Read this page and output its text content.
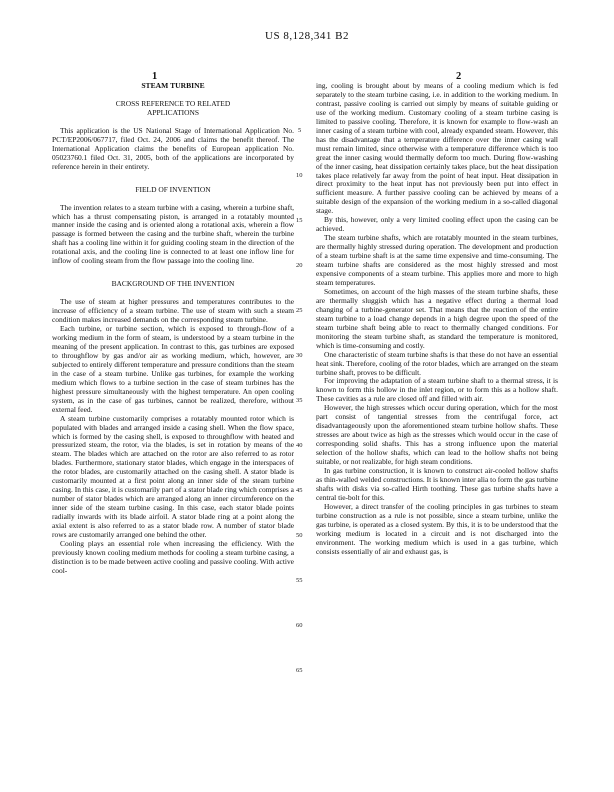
US 8,128,341 B2
1	2

STEAM TURBINE

CROSS REFERENCE TO RELATED APPLICATIONS

This application is the US National Stage of International Application No. PCT/EP2006/067717, filed Oct. 24, 2006 and claims the benefit thereof. The International Application claims the benefits of European application No. 05023760.1 filed Oct. 31, 2005, both of the applications are incorporated by reference herein in their entirety.

FIELD OF INVENTION

The invention relates to a steam turbine with a casing, wherein a turbine shaft, which has a thrust compensating piston, is arranged in a rotatably mounted manner inside the casing and is oriented along a rotational axis, wherein a flow passage is formed between the casing and the turbine shaft, wherein the turbine shaft has a cooling line within it for guiding cooling steam in the direction of the rotational axis, and the cooling line is connected to at least one inflow line for inflow of cooling steam from the flow passage into the cooling line.

BACKGROUND OF THE INVENTION

The use of steam at higher pressures and temperatures contributes to the increase of efficiency of a steam turbine. The use of steam with such a steam condition makes increased demands on the corresponding steam turbine.

Each turbine, or turbine section, which is exposed to through-flow of a working medium in the form of steam, is understood by a steam turbine in the meaning of the present application. In contrast to this, gas turbines are exposed to throughflow by gas and/or air as working medium, which, however, are subjected to entirely different temperature and pressure conditions than the steam in the case of a steam turbine. Unlike gas turbines, for example the working medium which flows to a turbine section in the case of steam turbines has the highest pressure simultaneously with the highest temperature. An open cooling system, as in the case of gas turbines, cannot be realized, therefore, without external feed.

A steam turbine customarily comprises a rotatably mounted rotor which is populated with blades and arranged inside a casing shell. When the flow space, which is formed by the casing shell, is exposed to throughflow with heated and pressurized steam, the rotor, via the blades, is set in rotation by means of the steam. The blades which are attached on the rotor are also referred to as rotor blades. Furthermore, stationary stator blades, which engage in the interspaces of the rotor blades, are customarily attached on the casing shell. A stator blade is customarily mounted at a first point along an inner side of the steam turbine casing. In this case, it is customarily part of a stator blade ring which comprises a number of stator blades which are arranged along an inner circumference on the inner side of the steam turbine casing. In this case, each stator blade points radially inwards with its blade airfoil. A stator blade ring at a point along the axial extent is also referred to as a stator blade row. A number of stator blade rows are customarily arranged one behind the other.

Cooling plays an essential role when increasing the efficiency. With the previously known cooling medium methods for cooling a steam turbine casing, a distinction is to be made between active cooling and passive cooling. With active cool-

ing, cooling is brought about by means of a cooling medium which is fed separately to the steam turbine casing, i.e. in addition to the working medium. In contrast, passive cooling is carried out simply by means of suitable guiding or use of the working medium. Customary cooling of a steam turbine casing is limited to passive cooling. Therefore, it is known for example to flow-wash an inner casing of a steam turbine with cool, already expanded steam. However, this has the disadvantage that a temperature difference over the inner casing wall must remain limited, since otherwise with a temperature difference which is too great the inner casing would thermally deform too much. During flow-washing of the inner casing, heat dissipation certainly takes place, but the heat dissipation takes place relatively far away from the point of heat input. Heat dissipation in direct proximity to the heat input has not previously been put into effect in sufficient measure. A further passive cooling can be achieved by means of a suitable design of the expansion of the working medium in a so-called diagonal stage.

By this, however, only a very limited cooling effect upon the casing can be achieved.

The steam turbine shafts, which are rotatably mounted in the steam turbines, are thermally highly stressed during operation. The development and production of a steam turbine shaft is at the same time expensive and time-consuming. The steam turbine shafts are considered as the most highly stressed and most expensive components of a steam turbine. This applies more and more to high steam temperatures.

Sometimes, on account of the high masses of the steam turbine shafts, these are thermally sluggish which has a negative effect during a thermal load changing of a turbine-generator set. That means that the reaction of the entire steam turbine to a load change depends in a high degree upon the speed of the steam turbine shaft being able to react to thermally changed conditions. For monitoring the steam turbine shaft, as standard the temperature is monitored, which is time-consuming and costly.

One characteristic of steam turbine shafts is that these do not have an essential heat sink. Therefore, cooling of the rotor blades, which are arranged on the steam turbine shaft, proves to be difficult.

For improving the adaptation of a steam turbine shaft to a thermal stress, it is known to form this hollow in the inlet region, or to form this as a hollow shaft. These cavities as a rule are closed off and filled with air.

However, the high stresses which occur during operation, which for the most part consist of tangential stresses from the centrifugal force, act disadvantageously upon the aforementioned steam turbine hollow shafts. These stresses are about twice as high as the stresses which would occur in the case of corresponding solid shafts. This has a strong influence upon the material selection of the hollow shafts, which can lead to the hollow shafts not being suitable, or not realizable, for high steam conditions.

In gas turbine construction, it is known to construct air-cooled hollow shafts as thin-walled welded constructions. It is known inter alia to form the gas turbine shafts with disks via so-called Hirth toothing. These gas turbine shafts have a central tie-bolt for this.

However, a direct transfer of the cooling principles in gas turbines to steam turbine construction as a rule is not possible, since a steam turbine, unlike the gas turbine, is operated as a closed system. By this, it is to be understood that the working medium is located in a circuit and is not discharged into the environment. The working medium which is used in a gas turbine, which consists essentially of air and exhaust gas, is

5
10
15
20
25
30
35
40
45
50
55
60
65
